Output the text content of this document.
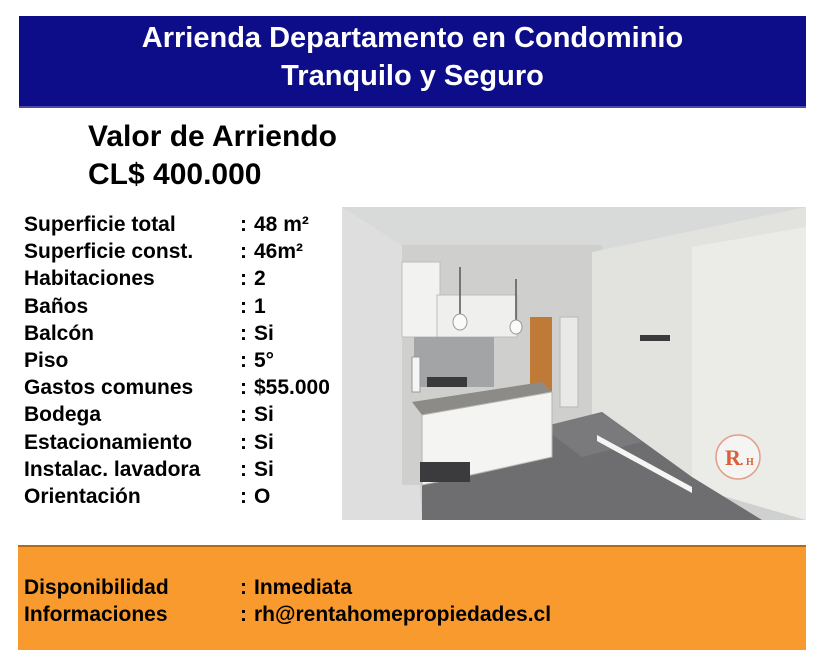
Arrienda Departamento en Condominio
Tranquilo y Seguro
Valor de Arriendo
CL$ 400.000
Superficie total	: 48 m²
Superficie const.	: 46m²
Habitaciones	: 2
Baños	: 1
Balcón	: Si
Piso	: 5°
Gastos comunes	: $55.000
Bodega	: Si
Estacionamiento	: Si
Instalac. lavadora	: Si
Orientación	: O
R . H
Disponibilidad	: Inmediata
Informaciones	: rh@rentahomepropiedades.cl
